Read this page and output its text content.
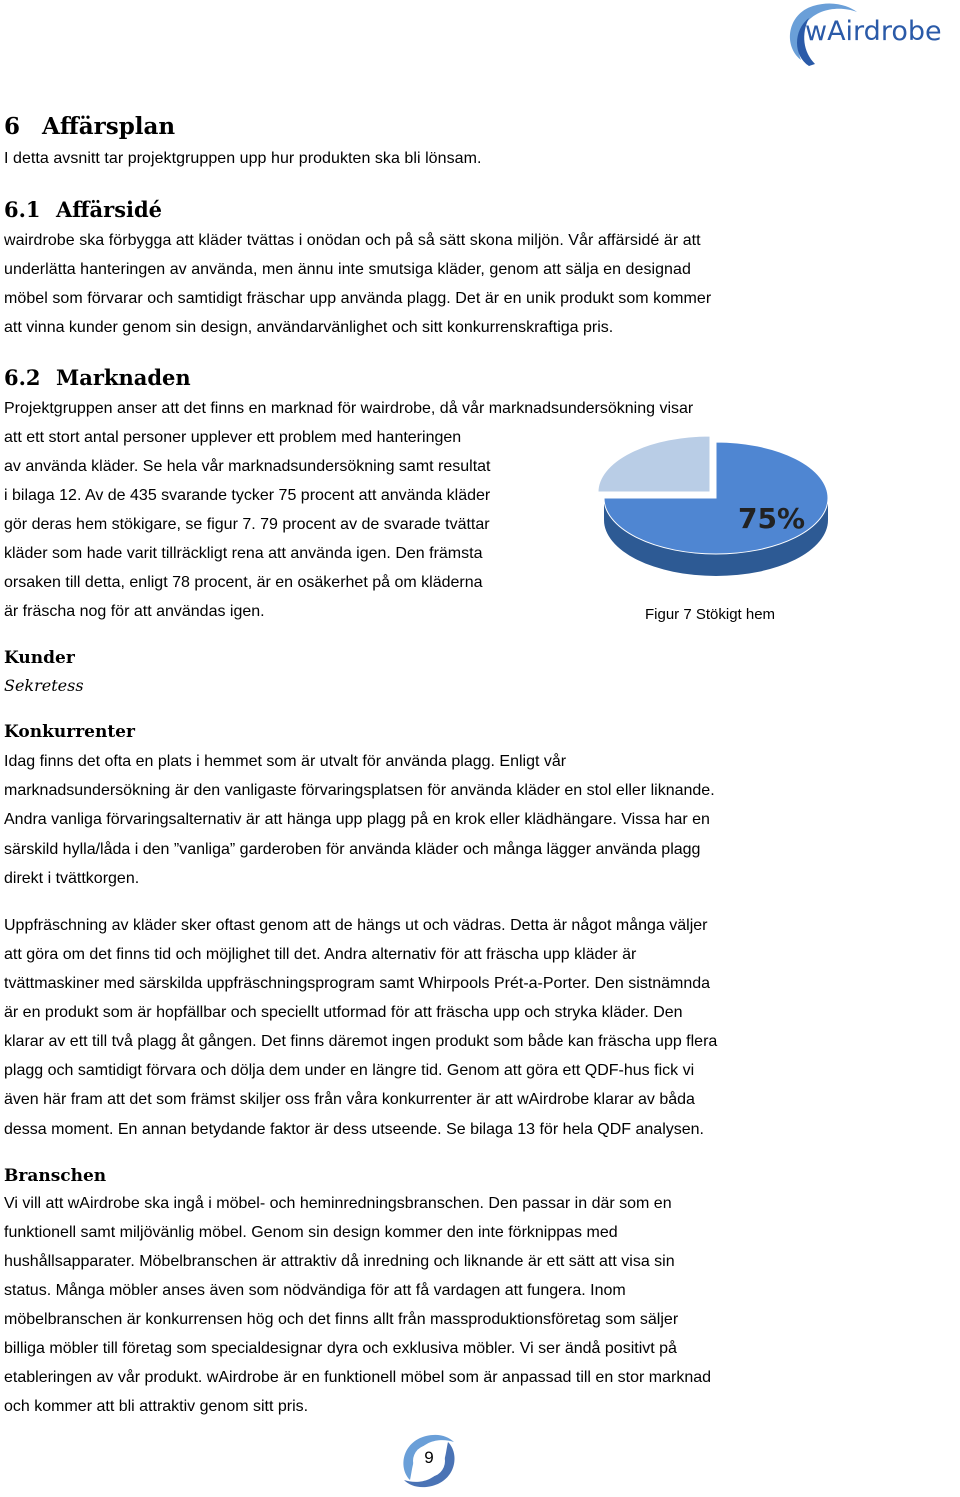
wAirdrobe
6 Affärsplan

I detta avsnitt tar projektgruppen upp hur produkten ska bli lönsam.

6.1 Affärsidé

wairdrobe ska förbygga att kläder tvättas i onödan och på så sätt skona miljön. Vår affärsidé är att

underlätta hanteringen av använda, men ännu inte smutsiga kläder, genom att sälja en designad

möbel som förvarar och samtidigt fräschar upp använda plagg. Det är en unik produkt som kommer

att vinna kunder genom sin design, användarvänlighet och sitt konkurrenskraftiga pris.

6.2 Marknaden

Projektgruppen anser att det finns en marknad för wairdrobe, då vår marknadsundersökning visar

att ett stort antal personer upplever ett problem med hanteringen

av använda kläder. Se hela vår marknadsundersökning samt resultat

i bilaga 12. Av de 435 svarande tycker 75 procent att använda kläder

gör deras hem stökigare, se figur 7. 79 procent av de svarade tvättar

kläder som hade varit tillräckligt rena att använda igen. Den främsta

orsaken till detta, enligt 78 procent, är en osäkerhet på om kläderna

är fräscha nog för att användas igen.

75%
Figur 7 Stökigt hem

Kunder

Sekretess

Konkurrenter

Idag finns det ofta en plats i hemmet som är utvalt för använda plagg. Enligt vår

marknadsundersökning är den vanligaste förvaringsplatsen för använda kläder en stol eller liknande.

Andra vanliga förvaringsalternativ är att hänga upp plagg på en krok eller klädhängare. Vissa har en

särskild hylla/låda i den ”vanliga” garderoben för använda kläder och många lägger använda plagg

direkt i tvättkorgen.

Uppfräschning av kläder sker oftast genom att de hängs ut och vädras. Detta är något många väljer

att göra om det finns tid och möjlighet till det. Andra alternativ för att fräscha upp kläder är

tvättmaskiner med särskilda uppfräschningsprogram samt Whirpools Prét-a-Porter. Den sistnämnda

är en produkt som är hopfällbar och speciellt utformad för att fräscha upp och stryka kläder. Den

klarar av ett till två plagg åt gången. Det finns däremot ingen produkt som både kan fräscha upp flera

plagg och samtidigt förvara och dölja dem under en längre tid. Genom att göra ett QDF-hus fick vi

även här fram att det som främst skiljer oss från våra konkurrenter är att wAirdrobe klarar av båda

dessa moment. En annan betydande faktor är dess utseende. Se bilaga 13 för hela QDF analysen.

Branschen

Vi vill att wAirdrobe ska ingå i möbel- och heminredningsbranschen. Den passar in där som en

funktionell samt miljövänlig möbel. Genom sin design kommer den inte förknippas med

hushållsapparater. Möbelbranschen är attraktiv då inredning och liknande är ett sätt att visa sin

status. Många möbler anses även som nödvändiga för att få vardagen att fungera. Inom

möbelbranschen är konkurrensen hög och det finns allt från massproduktionsföretag som säljer

billiga möbler till företag som specialdesignar dyra och exklusiva möbler. Vi ser ändå positivt på

etableringen av vår produkt. wAirdrobe är en funktionell möbel som är anpassad till en stor marknad

och kommer att bli attraktiv genom sitt pris.

9
